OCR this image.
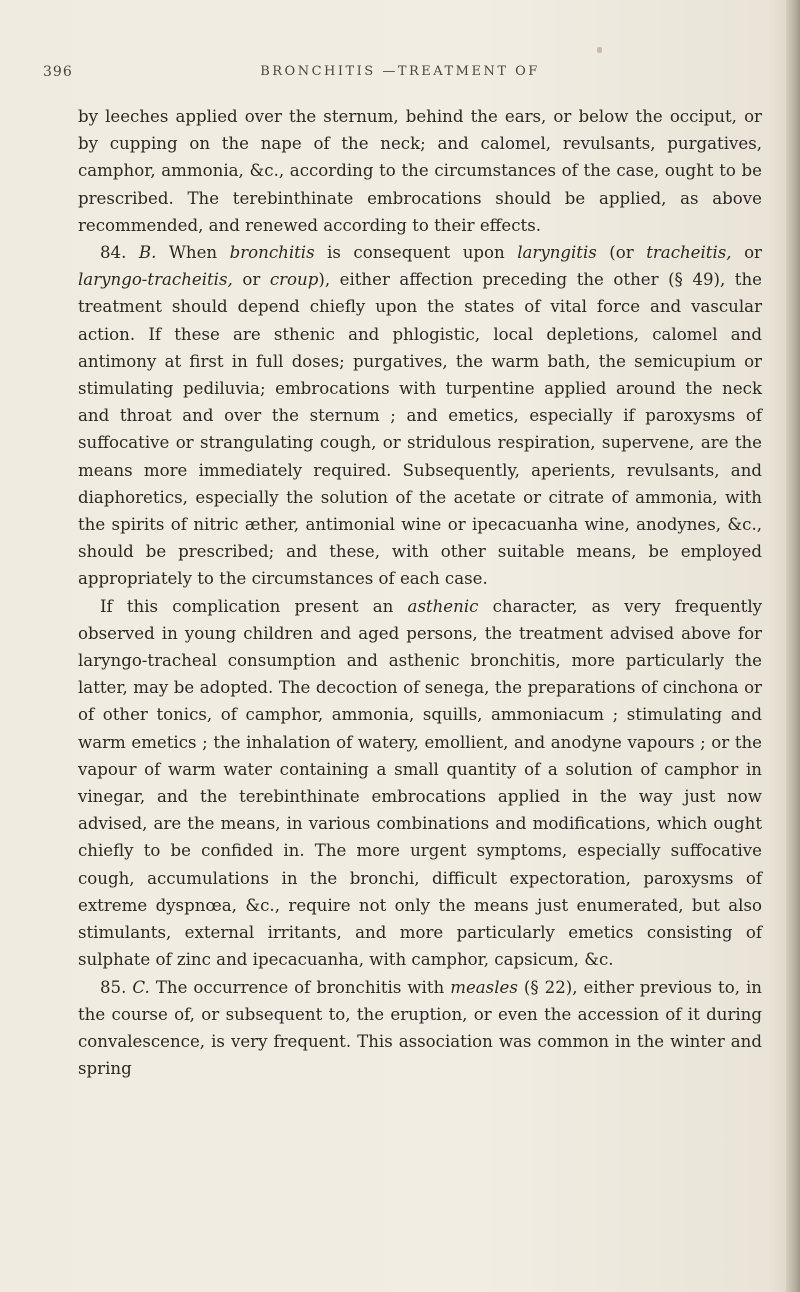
396	BRONCHITIS —TREATMENT OF

by leeches applied over the sternum, behind the ears, or below the occiput, or by cupping on the nape of the neck; and calomel, revulsants, purgatives, camphor, ammonia, &c., according to the circumstances of the case, ought to be prescribed. The terebinthinate embrocations should be applied, as above recommended, and renewed according to their effects.

84. B. When bronchitis is consequent upon laryngitis (or tracheitis, or laryngo-tracheitis, or croup), either affection preceding the other (§ 49), the treatment should depend chiefly upon the states of vital force and vascular action. If these are sthenic and phlogistic, local depletions, calomel and antimony at first in full doses; purgatives, the warm bath, the semicupium or stimulating pediluvia; embrocations with turpentine applied around the neck and throat and over the sternum ; and emetics, especially if paroxysms of suffocative or strangulating cough, or stridulous respiration, supervene, are the means more immediately required. Subsequently, aperients, revulsants, and diaphoretics, especially the solution of the acetate or citrate of ammonia, with the spirits of nitric æther, antimonial wine or ipecacuanha wine, anodynes, &c., should be prescribed; and these, with other suitable means, be employed appropriately to the circumstances of each case.

If this complication present an asthenic character, as very frequently observed in young children and aged persons, the treatment advised above for laryngo-tracheal consumption and asthenic bronchitis, more particularly the latter, may be adopted. The decoction of senega, the preparations of cinchona or of other tonics, of camphor, ammonia, squills, ammoniacum ; stimulating and warm emetics ; the inhalation of watery, emollient, and anodyne vapours ; or the vapour of warm water containing a small quantity of a solution of camphor in vinegar, and the terebinthinate embrocations applied in the way just now advised, are the means, in various combinations and modifications, which ought chiefly to be confided in. The more urgent symptoms, especially suffocative cough, accumulations in the bronchi, difficult expectoration, paroxysms of extreme dyspnœa, &c., require not only the means just enumerated, but also stimulants, external irritants, and more particularly emetics consisting of sulphate of zinc and ipecacuanha, with camphor, capsicum, &c.

85. C. The occurrence of bronchitis with measles (§ 22), either previous to, in the course of, or subsequent to, the eruption, or even the accession of it during convalescence, is very frequent. This association was common in the winter and spring
